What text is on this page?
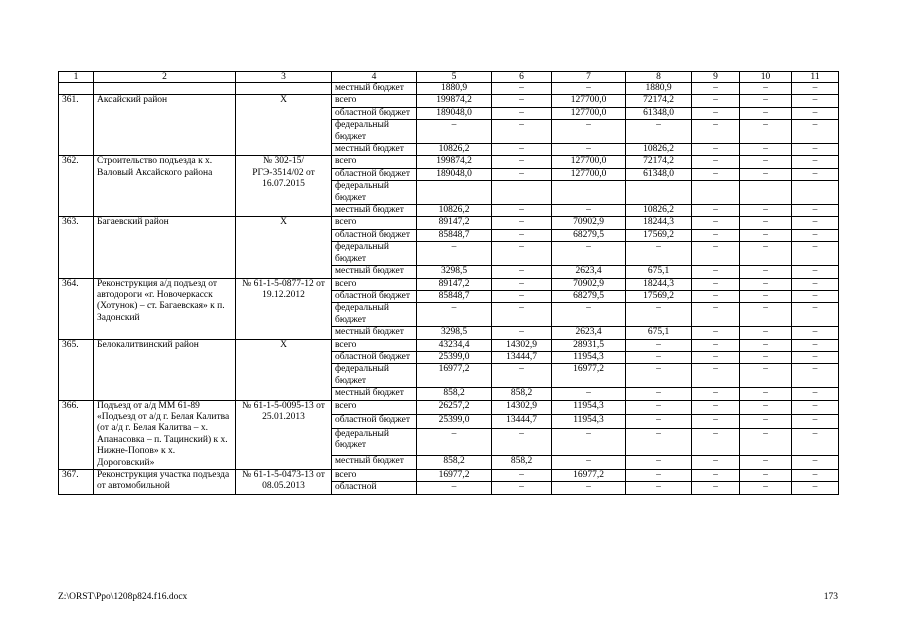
1	2	3	4	5	6	7	8	9	10	11
			местный бюджет	1880,9	–	–	1880,9	–	–	–
361.	Аксайский район	Х	всего	199874,2	–	127700,0	72174,2	–	–	–
			областной бюджет	189048,0	–	127700,0	61348,0	–	–	–
			федеральный бюджет	–	–	–	–	–	–	–
			местный бюджет	10826,2	–	–	10826,2	–	–	–
362.	Строительство подъезда к х. Валовый Аксайского района	№ 302-15/РГЭ-3514/02 от 16.07.2015	всего	199874,2	–	127700,0	72174,2	–	–	–
			областной бюджет	189048,0	–	127700,0	61348,0	–	–	–
			федеральный бюджет							
			местный бюджет	10826,2	–	–	10826,2	–	–	–
363.	Багаевский район	Х	всего	89147,2	–	70902,9	18244,3	–	–	–
			областной бюджет	85848,7	–	68279,5	17569,2	–	–	–
			федеральный бюджет	–	–	–	–	–	–	–
			местный бюджет	3298,5	–	2623,4	675,1	–	–	–
364.	Реконструкция а/д подъезд от автодороги «г. Новочеркасск (Хотунок) – ст. Багаевская» к п. Задонский	№ 61-1-5-0877-12 от 19.12.2012	всего	89147,2	–	70902,9	18244,3	–	–	–
			областной бюджет	85848,7	–	68279,5	17569,2	–	–	–
			федеральный бюджет	–	–	–	–	–	–	–
			местный бюджет	3298,5	–	2623,4	675,1	–	–	–
365.	Белокалитвинский район	Х	всего	43234,4	14302,9	28931,5	–	–	–	–
			областной бюджет	25399,0	13444,7	11954,3	–	–	–	–
			федеральный бюджет	16977,2	–	16977,2	–	–	–	–
			местный бюджет	858,2	858,2	–	–	–	–	–
366.	Подъезд от а/д ММ 61-89 «Подъезд от а/д г. Белая Калитва (от а/д г. Белая Калитва – х. Апанасовка – п. Тацинский) к х. Нижне-Попов» к х. Дороговский»	№ 61-1-5-0095-13 от 25.01.2013	всего	26257,2	14302,9	11954,3	–	–	–	–
			областной бюджет	25399,0	13444,7	11954,3	–	–	–	–
			федеральный бюджет	–	–	–	–	–	–	–
			местный бюджет	858,2	858,2	–	–	–	–	–
367.	Реконструкция участка подъезда от автомобильной	№ 61-1-5-0473-13 от 08.05.2013	всего	16977,2	–	16977,2	–	–	–	–
			областной	–	–	–	–	–	–	–
Z:\ORST\Ppo\1208p824.f16.docx	173
